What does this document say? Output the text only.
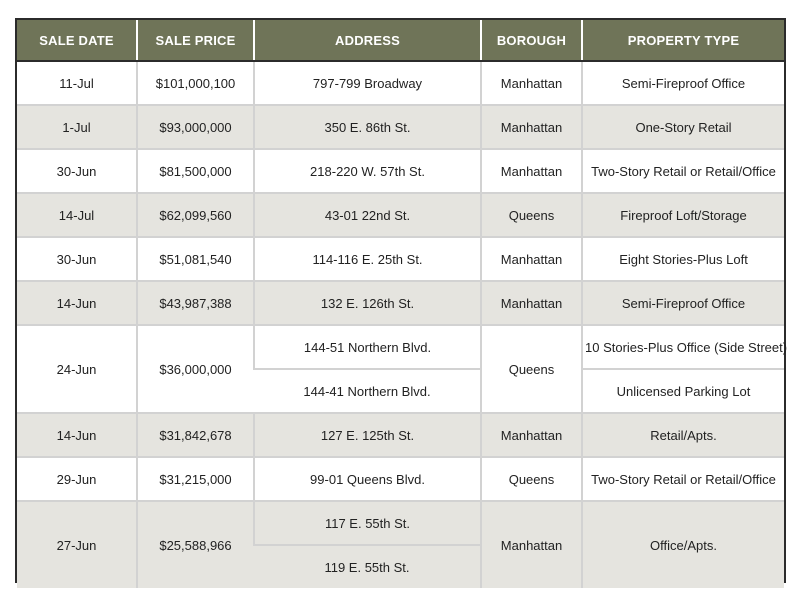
SALE DATE	SALE PRICE	ADDRESS	BOROUGH	PROPERTY TYPE
11-Jul	$101,000,100	797-799 Broadway	Manhattan	Semi-Fireproof Office
1-Jul	$93,000,000	350 E. 86th St.	Manhattan	One-Story Retail
30-Jun	$81,500,000	218-220 W. 57th St.	Manhattan	Two-Story Retail or Retail/Office
14-Jul	$62,099,560	43-01 22nd St.	Queens	Fireproof Loft/Storage
30-Jun	$51,081,540	114-116 E. 25th St.	Manhattan	Eight Stories-Plus Loft
14-Jun	$43,987,388	132 E. 126th St.	Manhattan	Semi-Fireproof Office
24-Jun	$36,000,000	144-51 Northern Blvd.	Queens	10 Stories-Plus Office (Side Street)
		144-41 Northern Blvd.		Unlicensed Parking Lot
14-Jun	$31,842,678	127 E. 125th St.	Manhattan	Retail/Apts.
29-Jun	$31,215,000	99-01 Queens Blvd.	Queens	Two-Story Retail or Retail/Office
27-Jun	$25,588,966	117 E. 55th St.	Manhattan	Office/Apts.
		119 E. 55th St.		
